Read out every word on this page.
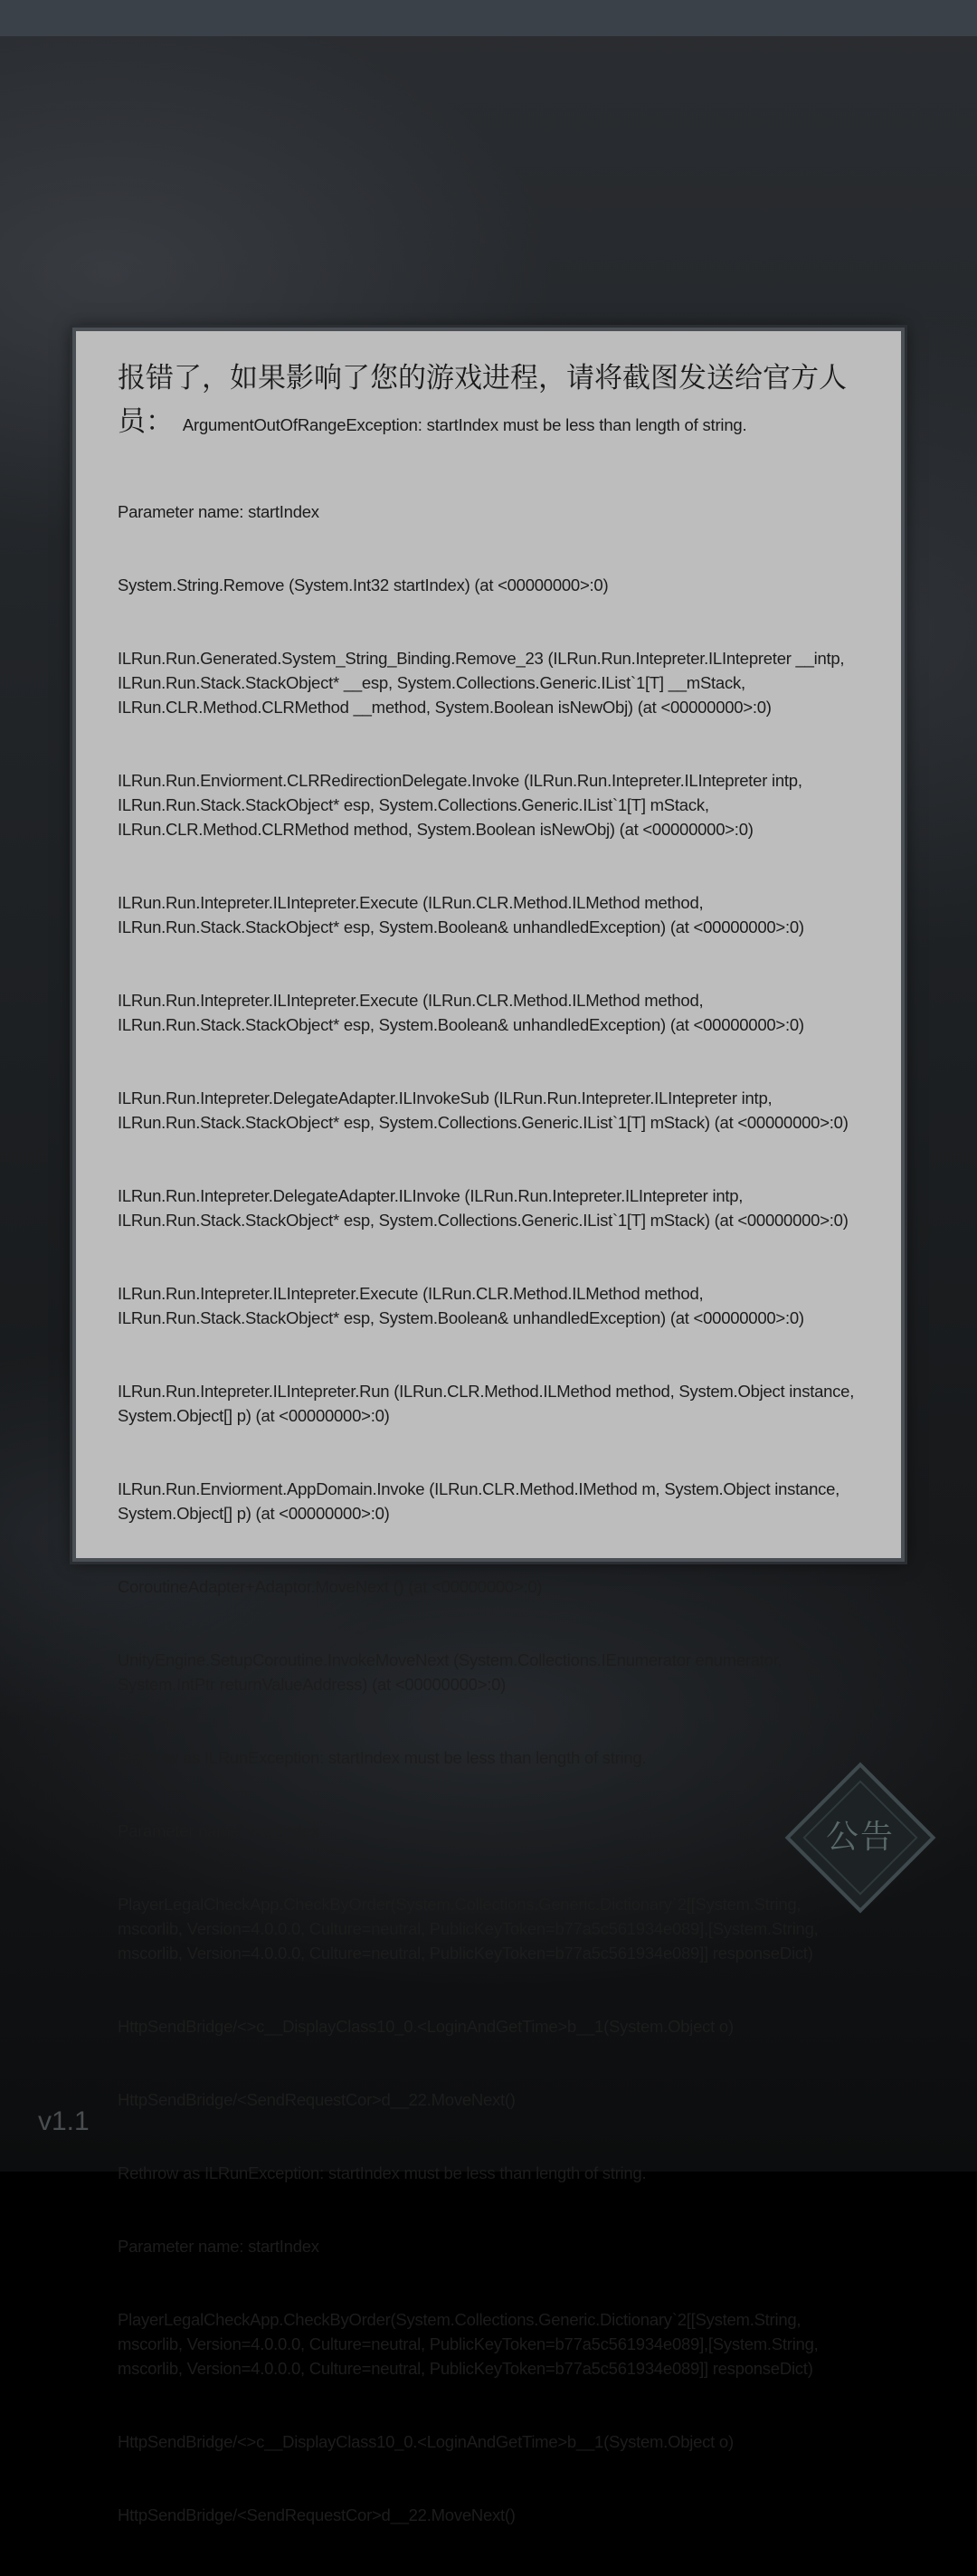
报错了，如果影响了您的游戏进程，请将截图发送给官方人员： ArgumentOutOfRangeException: startIndex must be less than length of string.

Parameter name: startIndex

System.String.Remove (System.Int32 startIndex) (at <00000000>:0)

ILRun.Run.Generated.System_String_Binding.Remove_23 (ILRun.Run.Intepreter.ILIntepreter __intp, ILRun.Run.Stack.StackObject* __esp, System.Collections.Generic.IList`1[T] __mStack, ILRun.CLR.Method.CLRMethod __method, System.Boolean isNewObj) (at <00000000>:0)

ILRun.Run.Enviorment.CLRRedirectionDelegate.Invoke (ILRun.Run.Intepreter.ILIntepreter intp, ILRun.Run.Stack.StackObject* esp, System.Collections.Generic.IList`1[T] mStack, ILRun.CLR.Method.CLRMethod method, System.Boolean isNewObj) (at <00000000>:0)

ILRun.Run.Intepreter.ILIntepreter.Execute (ILRun.CLR.Method.ILMethod method, ILRun.Run.Stack.StackObject* esp, System.Boolean& unhandledException) (at <00000000>:0)

ILRun.Run.Intepreter.ILIntepreter.Execute (ILRun.CLR.Method.ILMethod method, ILRun.Run.Stack.StackObject* esp, System.Boolean& unhandledException) (at <00000000>:0)

ILRun.Run.Intepreter.DelegateAdapter.ILInvokeSub (ILRun.Run.Intepreter.ILIntepreter intp, ILRun.Run.Stack.StackObject* esp, System.Collections.Generic.IList`1[T] mStack) (at <00000000>:0)

ILRun.Run.Intepreter.DelegateAdapter.ILInvoke (ILRun.Run.Intepreter.ILIntepreter intp, ILRun.Run.Stack.StackObject* esp, System.Collections.Generic.IList`1[T] mStack) (at <00000000>:0)

ILRun.Run.Intepreter.ILIntepreter.Execute (ILRun.CLR.Method.ILMethod method, ILRun.Run.Stack.StackObject* esp, System.Boolean& unhandledException) (at <00000000>:0)

ILRun.Run.Intepreter.ILIntepreter.Run (ILRun.CLR.Method.ILMethod method, System.Object instance, System.Object[] p) (at <00000000>:0)

ILRun.Run.Enviorment.AppDomain.Invoke (ILRun.CLR.Method.IMethod m, System.Object instance, System.Object[] p) (at <00000000>:0)

CoroutineAdapter+Adaptor.MoveNext () (at <00000000>:0)

UnityEngine.SetupCoroutine.InvokeMoveNext (System.Collections.IEnumerator enumerator, System.IntPtr returnValueAddress) (at <00000000>:0)

Rethrow as ILRunException: startIndex must be less than length of string.

Parameter name: startIndex

PlayerLegalCheckApp.CheckByOrder(System.Collections.Generic.Dictionary`2[[System.String, mscorlib, Version=4.0.0.0, Culture=neutral, PublicKeyToken=b77a5c561934e089],[System.String, mscorlib, Version=4.0.0.0, Culture=neutral, PublicKeyToken=b77a5c561934e089]] responseDict)

HttpSendBridge/<>c__DisplayClass10_0.<LoginAndGetTime>b__1(System.Object o)

HttpSendBridge/<SendRequestCor>d__22.MoveNext()

Rethrow as ILRunException: startIndex must be less than length of string.

Parameter name: startIndex

PlayerLegalCheckApp.CheckByOrder(System.Collections.Generic.Dictionary`2[[System.String, mscorlib, Version=4.0.0.0, Culture=neutral, PublicKeyToken=b77a5c561934e089],[System.String, mscorlib, Version=4.0.0.0, Culture=neutral, PublicKeyToken=b77a5c561934e089]] responseDict)

HttpSendBridge/<>c__DisplayClass10_0.<LoginAndGetTime>b__1(System.Object o)

HttpSendBridge/<SendRequestCor>d__22.MoveNext()

公告
v1.1
